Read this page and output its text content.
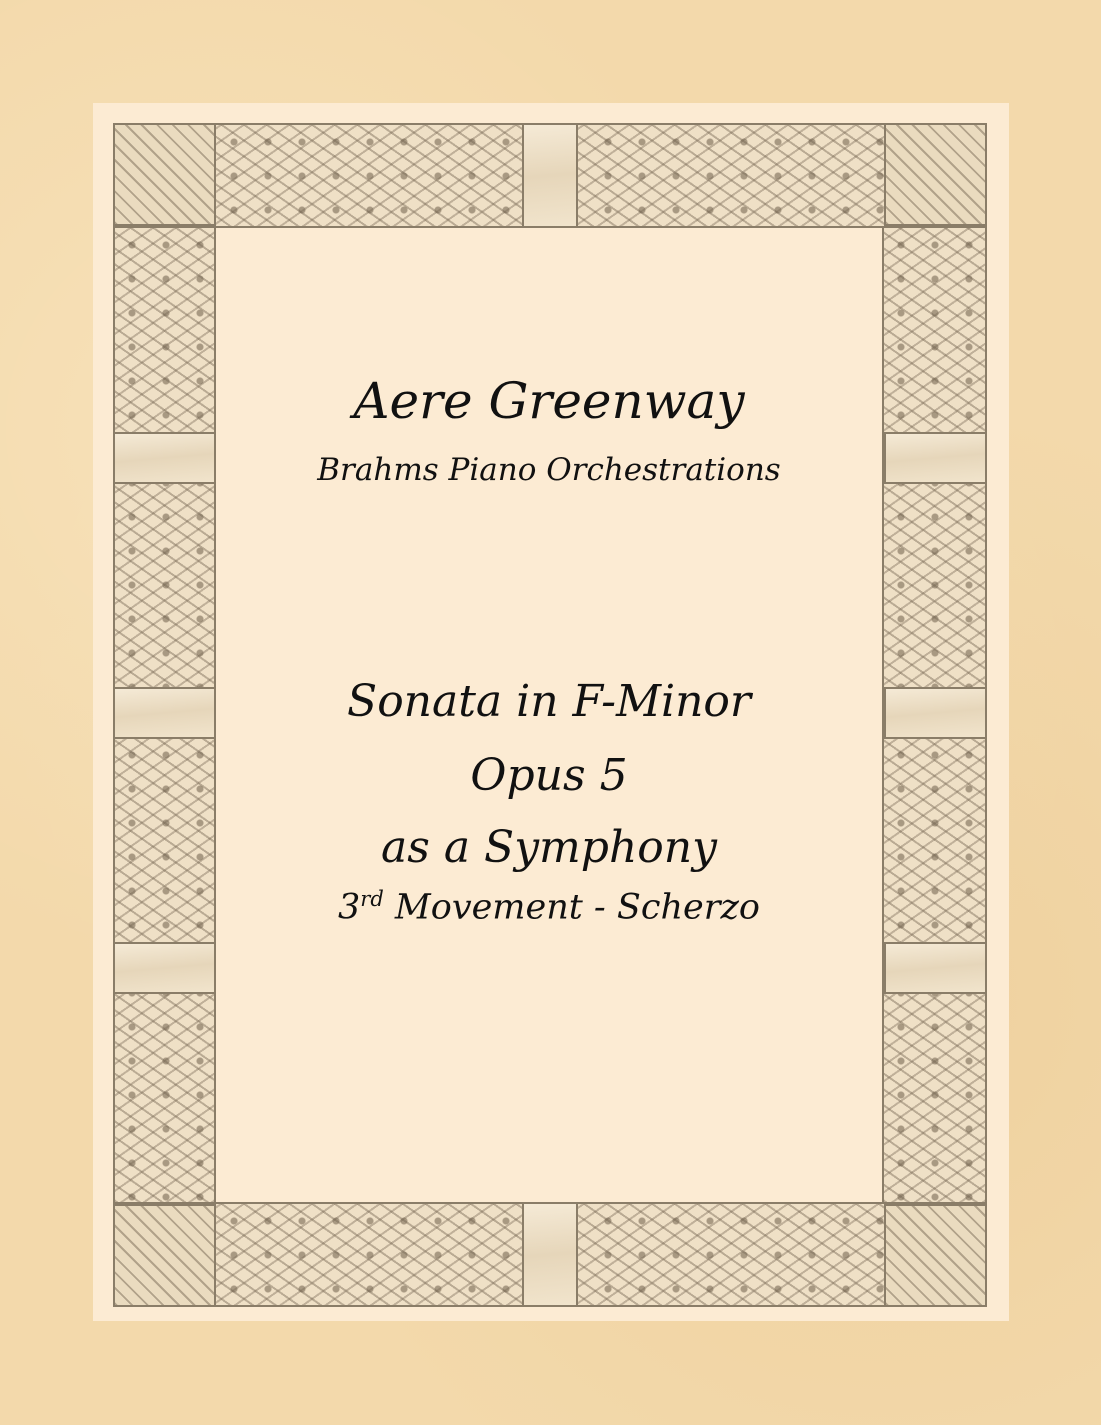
Aere Greenway
Brahms Piano Orchestrations
Sonata in F-Minor
Opus 5
as a Symphony
3rd Movement - Scherzo
